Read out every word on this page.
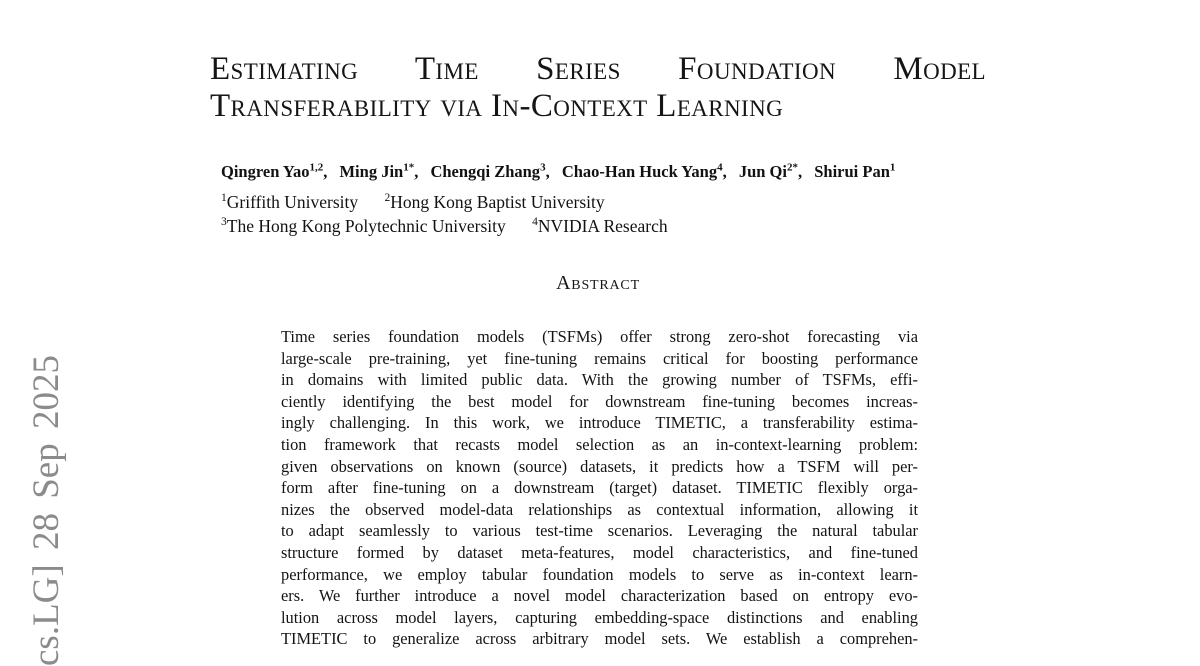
cs.LG] 28 Sep 2025
Estimating Time Series Foundation Model
Transferability via In-Context Learning
Qingren Yao$^{1,2}$, Ming Jin$^{1*}$, Chengqi Zhang$^3$, Chao-Han Huck Yang$^4$, Jun $Qi^{2*}$, Shirui Pan$^1$
$^1$Griffith University $^2$Hong Kong Baptist University
$^3$The Hong Kong Polytechnic University $^4$NVIDIA Research
Abstract
Time series foundation models (TSFMs) offer strong zero-shot forecasting via
large-scale pre-training, yet fine-tuning remains critical for boosting performance
in domains with limited public data. With the growing number of TSFMs, effi-
ciently identifying the best model for downstream fine-tuning becomes increas-
ingly challenging. In this work, we introduce TIMETIC, a transferability estima-
tion framework that recasts model selection as an in-context-learning problem:
given observations on known (source) datasets, it predicts how a TSFM will per-
form after fine-tuning on a downstream (target) dataset. TIMETIC flexibly orga-
nizes the observed model-data relationships as contextual information, allowing it
to adapt seamlessly to various test-time scenarios. Leveraging the natural tabular
structure formed by dataset meta-features, model characteristics, and fine-tuned
performance, we employ tabular foundation models to serve as in-context learn-
ers. We further introduce a novel model characterization based on entropy evo-
lution across model layers, capturing embedding-space distinctions and enabling
TIMETIC to generalize across arbitrary model sets. We establish a comprehen-
